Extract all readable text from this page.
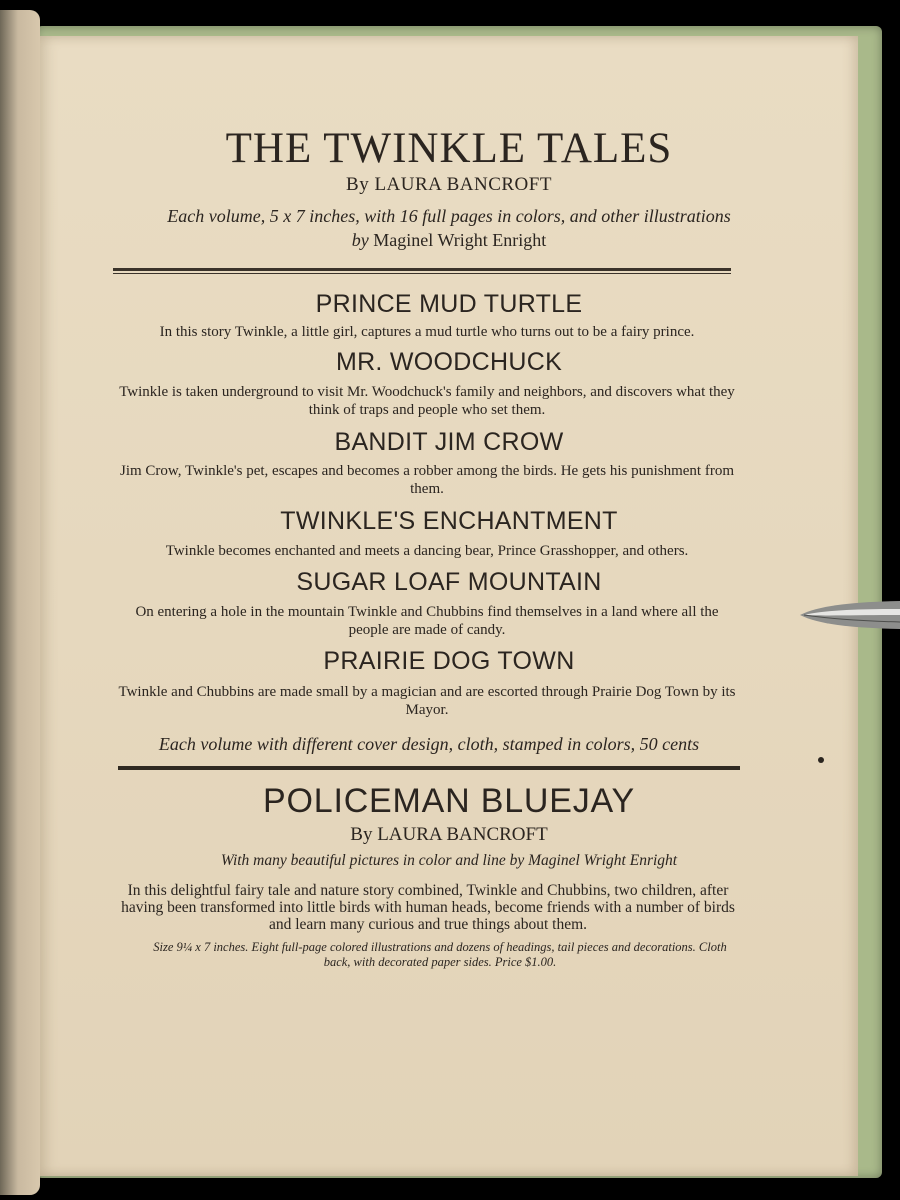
THE TWINKLE TALES
By LAURA BANCROFT
Each volume, 5 x 7 inches, with 16 full pages in colors, and other illustrations
by Maginel Wright Enright
PRINCE MUD TURTLE
In this story Twinkle, a little girl, captures a mud turtle who turns out to be a fairy prince.
MR. WOODCHUCK
Twinkle is taken underground to visit Mr. Woodchuck's family and neighbors, and discovers what they think of traps and people who set them.
BANDIT JIM CROW
Jim Crow, Twinkle's pet, escapes and becomes a robber among the birds. He gets his punishment from them.
TWINKLE'S ENCHANTMENT
Twinkle becomes enchanted and meets a dancing bear, Prince Grasshopper, and others.
SUGAR LOAF MOUNTAIN
On entering a hole in the mountain Twinkle and Chubbins find themselves in a land where all the people are made of candy.
PRAIRIE DOG TOWN
Twinkle and Chubbins are made small by a magician and are escorted through Prairie Dog Town by its Mayor.
Each volume with different cover design, cloth, stamped in colors, 50 cents
POLICEMAN BLUEJAY
By LAURA BANCROFT
With many beautiful pictures in color and line by Maginel Wright Enright
In this delightful fairy tale and nature story combined, Twinkle and Chubbins, two children, after having been transformed into little birds with human heads, become friends with a number of birds and learn many curious and true things about them.
Size 9¼ x 7 inches. Eight full-page colored illustrations and dozens of headings, tail pieces and decorations. Cloth back, with decorated paper sides. Price $1.00.
